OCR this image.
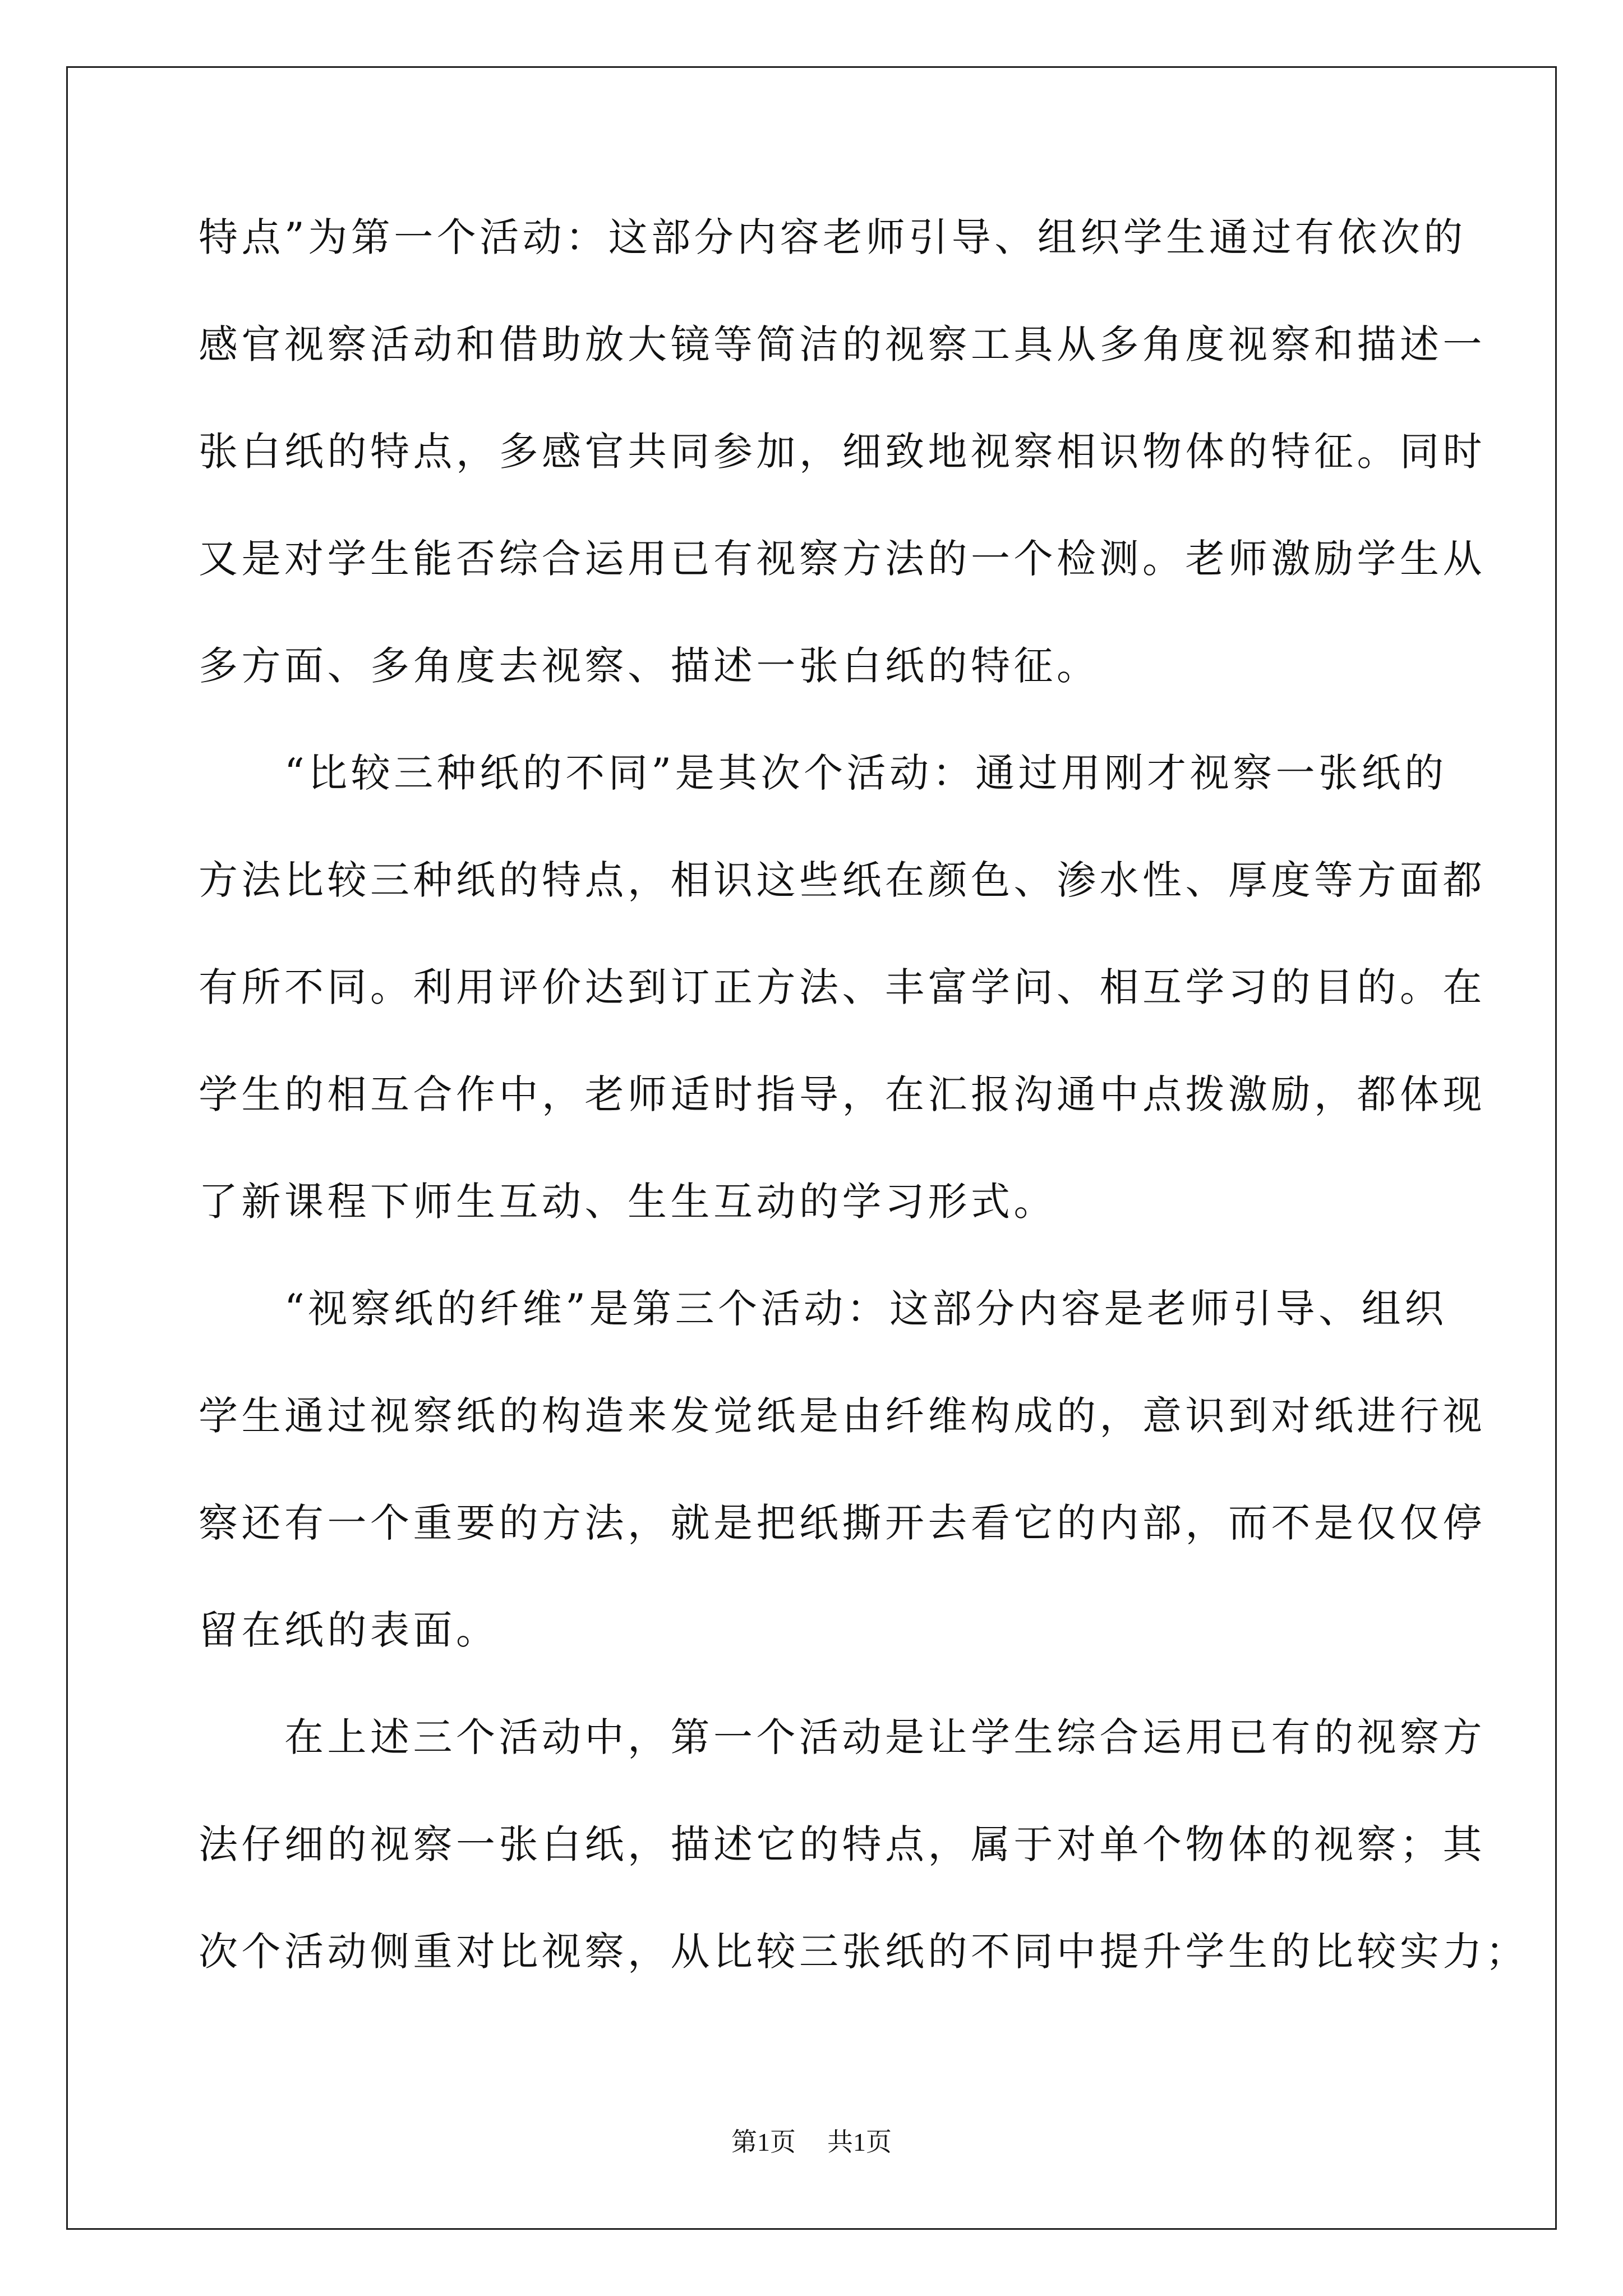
特点”为第一个活动：这部分内容老师引导、组织学生通过有依次的
感官视察活动和借助放大镜等简洁的视察工具从多角度视察和描述一
张白纸的特点，多感官共同参加，细致地视察相识物体的特征。同时
又是对学生能否综合运用已有视察方法的一个检测。老师激励学生从
多方面、多角度去视察、描述一张白纸的特征。
　　“比较三种纸的不同”是其次个活动：通过用刚才视察一张纸的
方法比较三种纸的特点，相识这些纸在颜色、渗水性、厚度等方面都
有所不同。利用评价达到订正方法、丰富学问、相互学习的目的。在
学生的相互合作中，老师适时指导，在汇报沟通中点拨激励，都体现
了新课程下师生互动、生生互动的学习形式。
　　“视察纸的纤维”是第三个活动：这部分内容是老师引导、组织
学生通过视察纸的构造来发觉纸是由纤维构成的，意识到对纸进行视
察还有一个重要的方法，就是把纸撕开去看它的内部，而不是仅仅停
留在纸的表面。
　　在上述三个活动中，第一个活动是让学生综合运用已有的视察方
法仔细的视察一张白纸，描述它的特点，属于对单个物体的视察；其
次个活动侧重对比视察，从比较三张纸的不同中提升学生的比较实力；
第1页 共1页
